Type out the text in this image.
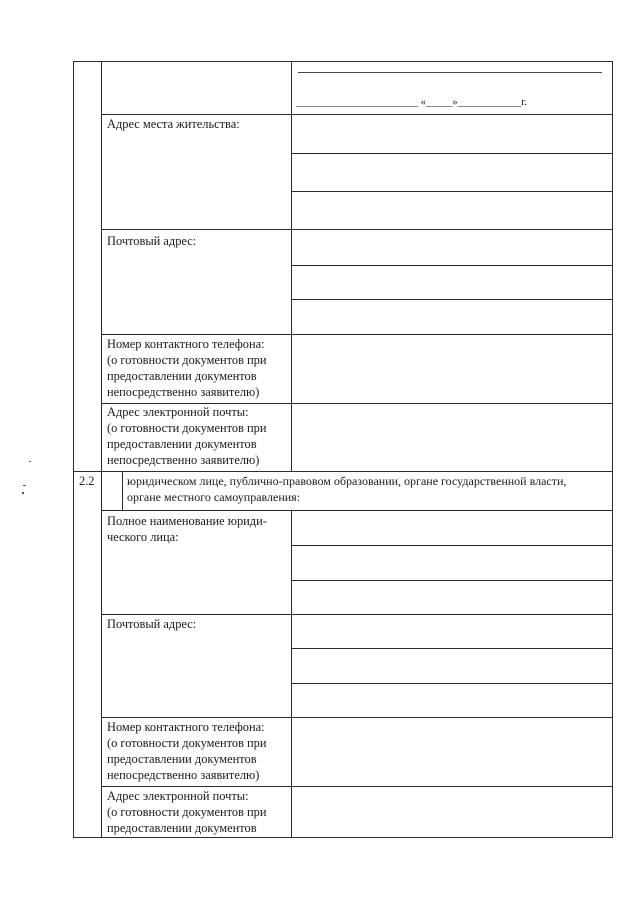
_______________________ «_____»____________г.
Адрес места жительства:
Почтовый адрес:
Номер контактного телефона:
(о готовности документов при
предоставлении документов
непосредственно заявителю)
Адрес электронной почты:
(о готовности документов при
предоставлении документов
непосредственно заявителю)
2.2	юридическом лице, публично-правовом образовании, органе государственной власти,
органе местного самоуправления:
Полное наименование юриди-
ческого лица:
Почтовый адрес:
Номер контактного телефона:
(о готовности документов при
предоставлении документов
непосредственно заявителю)
Адрес электронной почты:
(о готовности документов при
предоставлении документов
